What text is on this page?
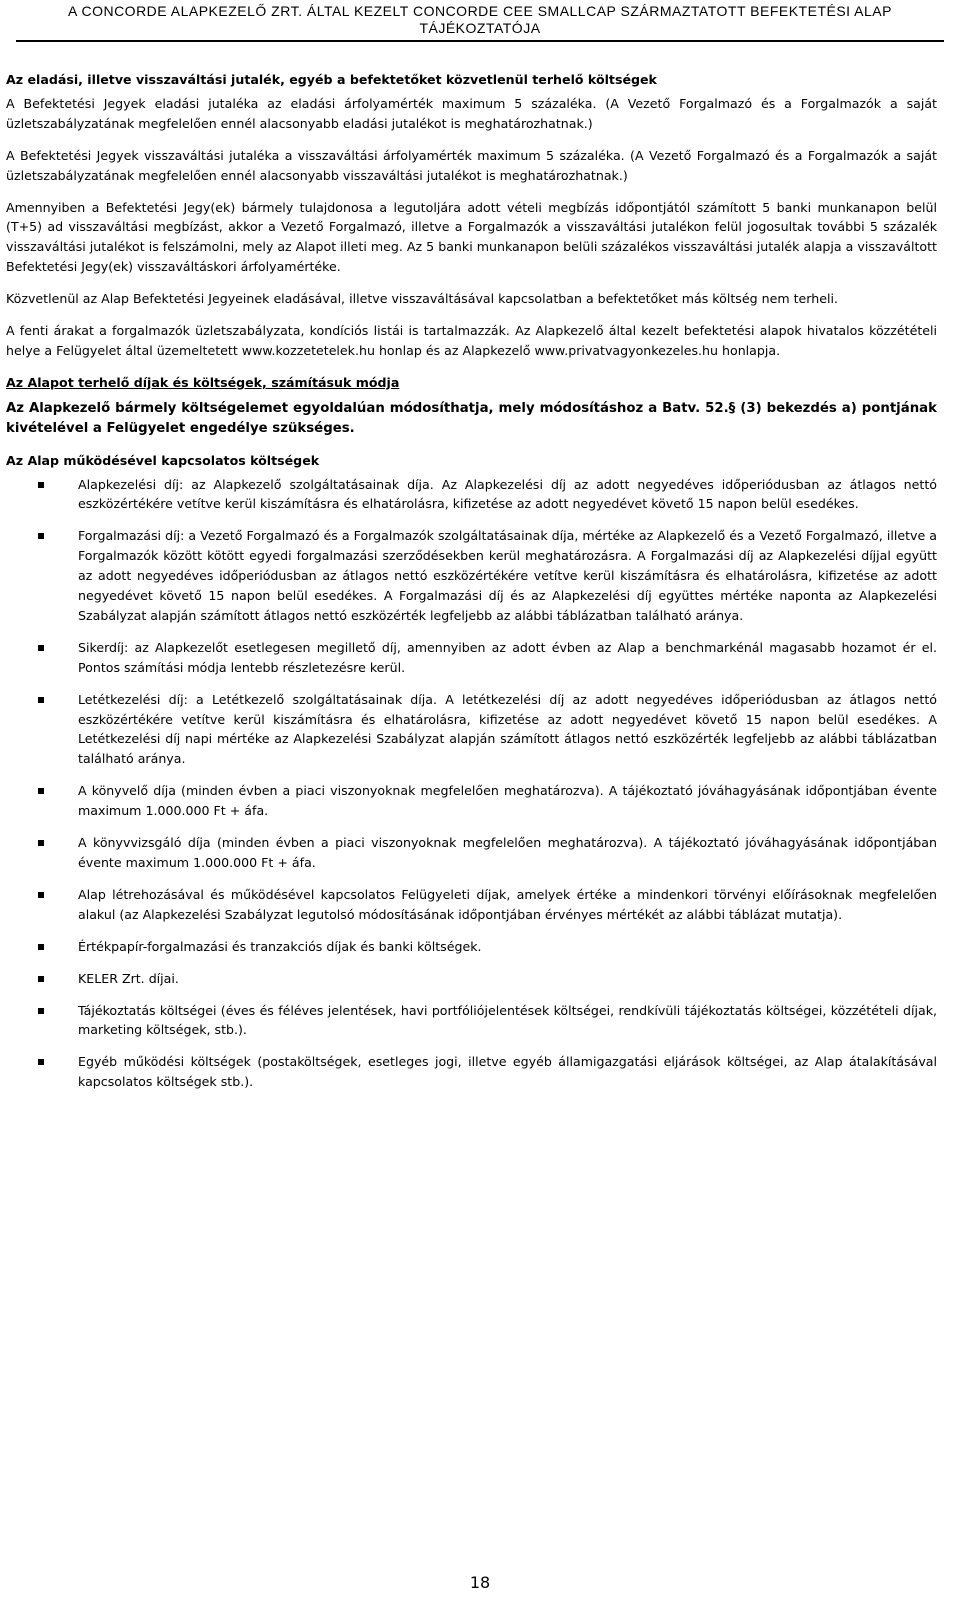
A CONCORDE ALAPKEZELŐ ZRT. ÁLTAL KEZELT CONCORDE CEE SMALLCAP SZÁRMAZTATOTT BEFEKTETÉSI ALAP
TÁJÉKOZTATÓJA

Az eladási, illetve visszaváltási jutalék, egyéb a befektetőket közvetlenül terhelő költségek

A Befektetési Jegyek eladási jutaléka az eladási árfolyamérték maximum 5 százaléka. (A Vezető Forgalmazó és a Forgalmazók a saját üzletszabályzatának megfelelően ennél alacsonyabb eladási jutalékot is meghatározhatnak.)

A Befektetési Jegyek visszaváltási jutaléka a visszaváltási árfolyamérték maximum 5 százaléka. (A Vezető Forgalmazó és a Forgalmazók a saját üzletszabályzatának megfelelően ennél alacsonyabb visszaváltási jutalékot is meghatározhatnak.)

Amennyiben a Befektetési Jegy(ek) bármely tulajdonosa a legutoljára adott vételi megbízás időpontjától számított 5 banki munkanapon belül (T+5) ad visszaváltási megbízást, akkor a Vezető Forgalmazó, illetve a Forgalmazók a visszaváltási jutalékon felül jogosultak további 5 százalék visszaváltási jutalékot is felszámolni, mely az Alapot illeti meg. Az 5 banki munkanapon belüli százalékos visszaváltási jutalék alapja a visszaváltott Befektetési Jegy(ek) visszaváltáskori árfolyamértéke.

Közvetlenül az Alap Befektetési Jegyeinek eladásával, illetve visszaváltásával kapcsolatban a befektetőket más költség nem terheli.

A fenti árakat a forgalmazók üzletszabályzata, kondíciós listái is tartalmazzák. Az Alapkezelő által kezelt befektetési alapok hivatalos közzétételi helye a Felügyelet által üzemeltetett www.kozzetetelek.hu honlap és az Alapkezelő www.privatvagyonkezeles.hu honlapja.

Az Alapot terhelő díjak és költségek, számításuk módja

Az Alapkezelő bármely költségelemet egyoldalúan módosíthatja, mely módosításhoz a Batv. 52.§ (3) bekezdés a) pontjának kivételével a Felügyelet engedélye szükséges.

Az Alap működésével kapcsolatos költségek

Alapkezelési díj: az Alapkezelő szolgáltatásainak díja. Az Alapkezelési díj az adott negyedéves időperiódusban az átlagos nettó eszközértékére vetítve kerül kiszámításra és elhatárolásra, kifizetése az adott negyedévet követő 15 napon belül esedékes.
Forgalmazási díj: a Vezető Forgalmazó és a Forgalmazók szolgáltatásainak díja, mértéke az Alapkezelő és a Vezető Forgalmazó, illetve a Forgalmazók között kötött egyedi forgalmazási szerződésekben kerül meghatározásra. A Forgalmazási díj az Alapkezelési díjjal együtt az adott negyedéves időperiódusban az átlagos nettó eszközértékére vetítve kerül kiszámításra és elhatárolásra, kifizetése az adott negyedévet követő 15 napon belül esedékes. A Forgalmazási díj és az Alapkezelési díj együttes mértéke naponta az Alapkezelési Szabályzat alapján számított átlagos nettó eszközérték legfeljebb az alábbi táblázatban található aránya.
Sikerdíj: az Alapkezelőt esetlegesen megillető díj, amennyiben az adott évben az Alap a benchmarkénál magasabb hozamot ér el. Pontos számítási módja lentebb részletezésre kerül.
Letétkezelési díj: a Letétkezelő szolgáltatásainak díja. A letétkezelési díj az adott negyedéves időperiódusban az átlagos nettó eszközértékére vetítve kerül kiszámításra és elhatárolásra, kifizetése az adott negyedévet követő 15 napon belül esedékes. A Letétkezelési díj napi mértéke az Alapkezelési Szabályzat alapján számított átlagos nettó eszközérték legfeljebb az alábbi táblázatban található aránya.
A könyvelő díja (minden évben a piaci viszonyoknak megfelelően meghatározva). A tájékoztató jóváhagyásának időpontjában évente maximum 1.000.000 Ft + áfa.
A könyvvizsgáló díja (minden évben a piaci viszonyoknak megfelelően meghatározva). A tájékoztató jóváhagyásának időpontjában évente maximum 1.000.000 Ft + áfa.
Alap létrehozásával és működésével kapcsolatos Felügyeleti díjak, amelyek értéke a mindenkori törvényi előírásoknak megfelelően alakul (az Alapkezelési Szabályzat legutolsó módosításának időpontjában érvényes mértékét az alábbi táblázat mutatja).
Értékpapír-forgalmazási és tranzakciós díjak és banki költségek.
KELER Zrt. díjai.
Tájékoztatás költségei (éves és féléves jelentések, havi portfóliójelentések költségei, rendkívüli tájékoztatás költségei, közzétételi díjak, marketing költségek, stb.).
Egyéb működési költségek (postaköltségek, esetleges jogi, illetve egyéb államigazgatási eljárások költségei, az Alap átalakításával kapcsolatos költségek stb.).
18
